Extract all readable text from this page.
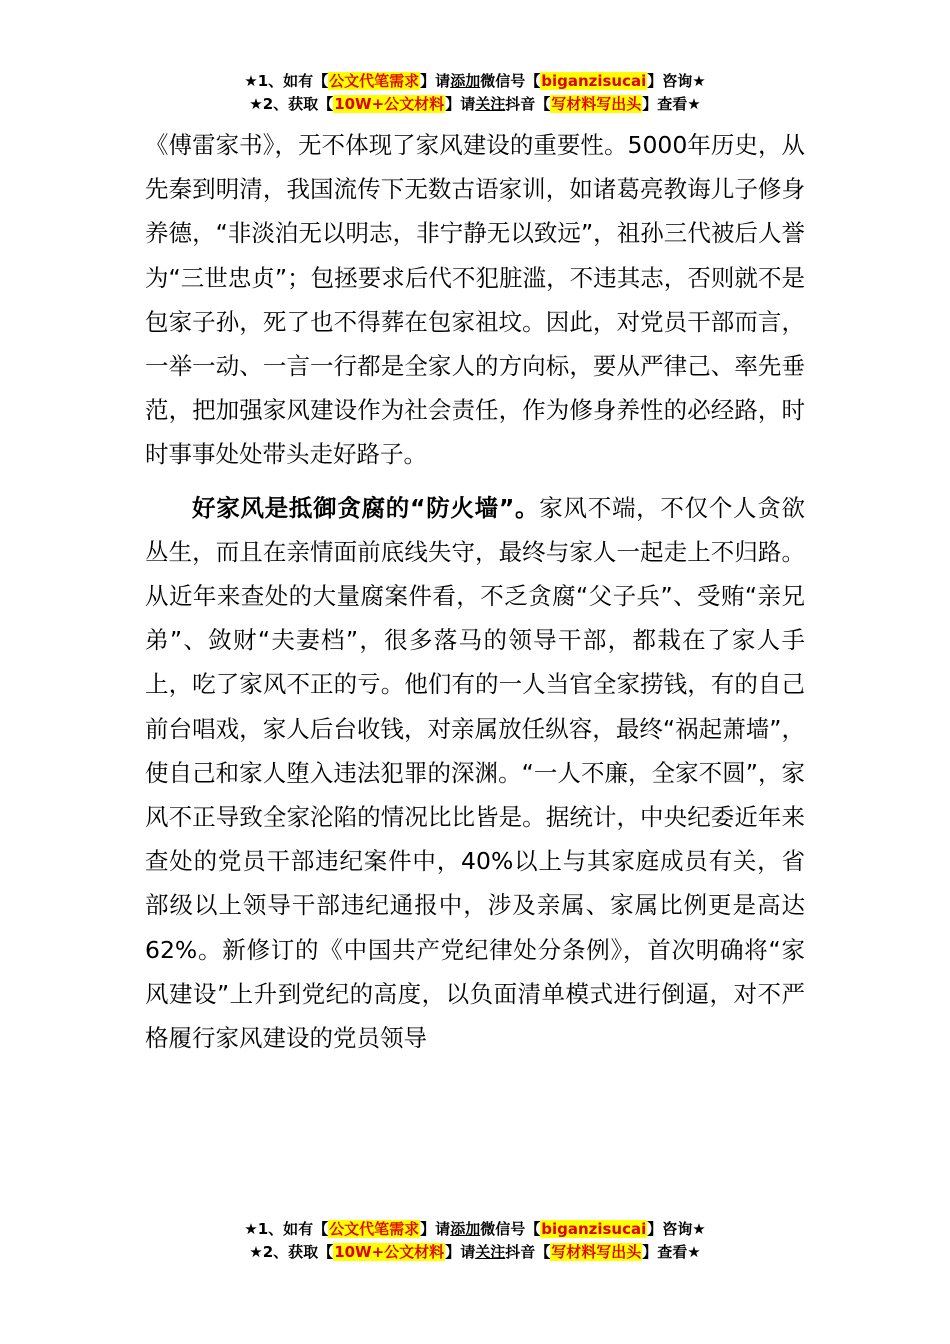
★1、如有【公文代笔需求】请添加微信号【biganzisucai】咨询★
★2、获取【10W+公文材料】请关注抖音【写材料写出头】查看★

《傅雷家书》，无不体现了家风建设的重要性。5000年历史，从先秦到明清，我国流传下无数古语家训，如诸葛亮教诲儿子修身养德，“非淡泊无以明志，非宁静无以致远”，祖孙三代被后人誉为“三世忠贞”；包拯要求后代不犯脏滥，不违其志，否则就不是包家子孙，死了也不得葬在包家祖坟。因此，对党员干部而言，一举一动、一言一行都是全家人的方向标，要从严律己、率先垂范，把加强家风建设作为社会责任，作为修身养性的必经路，时时事事处处带头走好路子。

好家风是抵御贪腐的“防火墙”。家风不端，不仅个人贪欲丛生，而且在亲情面前底线失守，最终与家人一起走上不归路。从近年来查处的大量腐案件看，不乏贪腐“父子兵”、受贿“亲兄弟”、敛财“夫妻档”，很多落马的领导干部，都栽在了家人手上，吃了家风不正的亏。他们有的一人当官全家捞钱，有的自己前台唱戏，家人后台收钱，对亲属放任纵容，最终“祸起萧墙”，使自己和家人堕入违法犯罪的深渊。“一人不廉，全家不圆”，家风不正导致全家沦陷的情况比比皆是。据统计，中央纪委近年来查处的党员干部违纪案件中，40%以上与其家庭成员有关，省部级以上领导干部违纪通报中，涉及亲属、家属比例更是高达62%。新修订的《中国共产党纪律处分条例》，首次明确将“家风建设”上升到党纪的高度，以负面清单模式进行倒逼，对不严格履行家风建设的党员领导

★1、如有【公文代笔需求】请添加微信号【biganzisucai】咨询★
★2、获取【10W+公文材料】请关注抖音【写材料写出头】查看★
